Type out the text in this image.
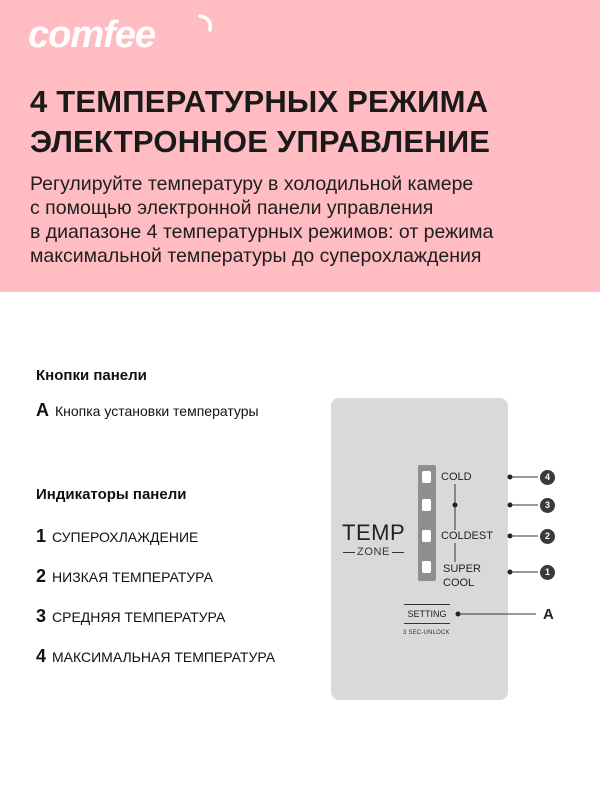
comfee
4 ТЕМПЕРАТУРНЫХ РЕЖИМА
ЭЛЕКТРОННОЕ УПРАВЛЕНИЕ
Регулируйте температуру в холодильной камере
с помощью электронной панели управления
в диапазоне 4 температурных режимов: от режима
максимальной температуры до суперохлаждения
Кнопки панели
A Кнопка установки температуры
Индикаторы панели
1 СУПЕРОХЛАЖДЕНИЕ
2 НИЗКАЯ ТЕМПЕРАТУРА
3 СРЕДНЯЯ ТЕМПЕРАТУРА
4 МАКСИМАЛЬНАЯ ТЕМПЕРАТУРА
TEMP
ZONE
COLD
COLDEST
SUPER
COOL
SETTING
3 SEC-UNLOCK
4
3
2
1
A
